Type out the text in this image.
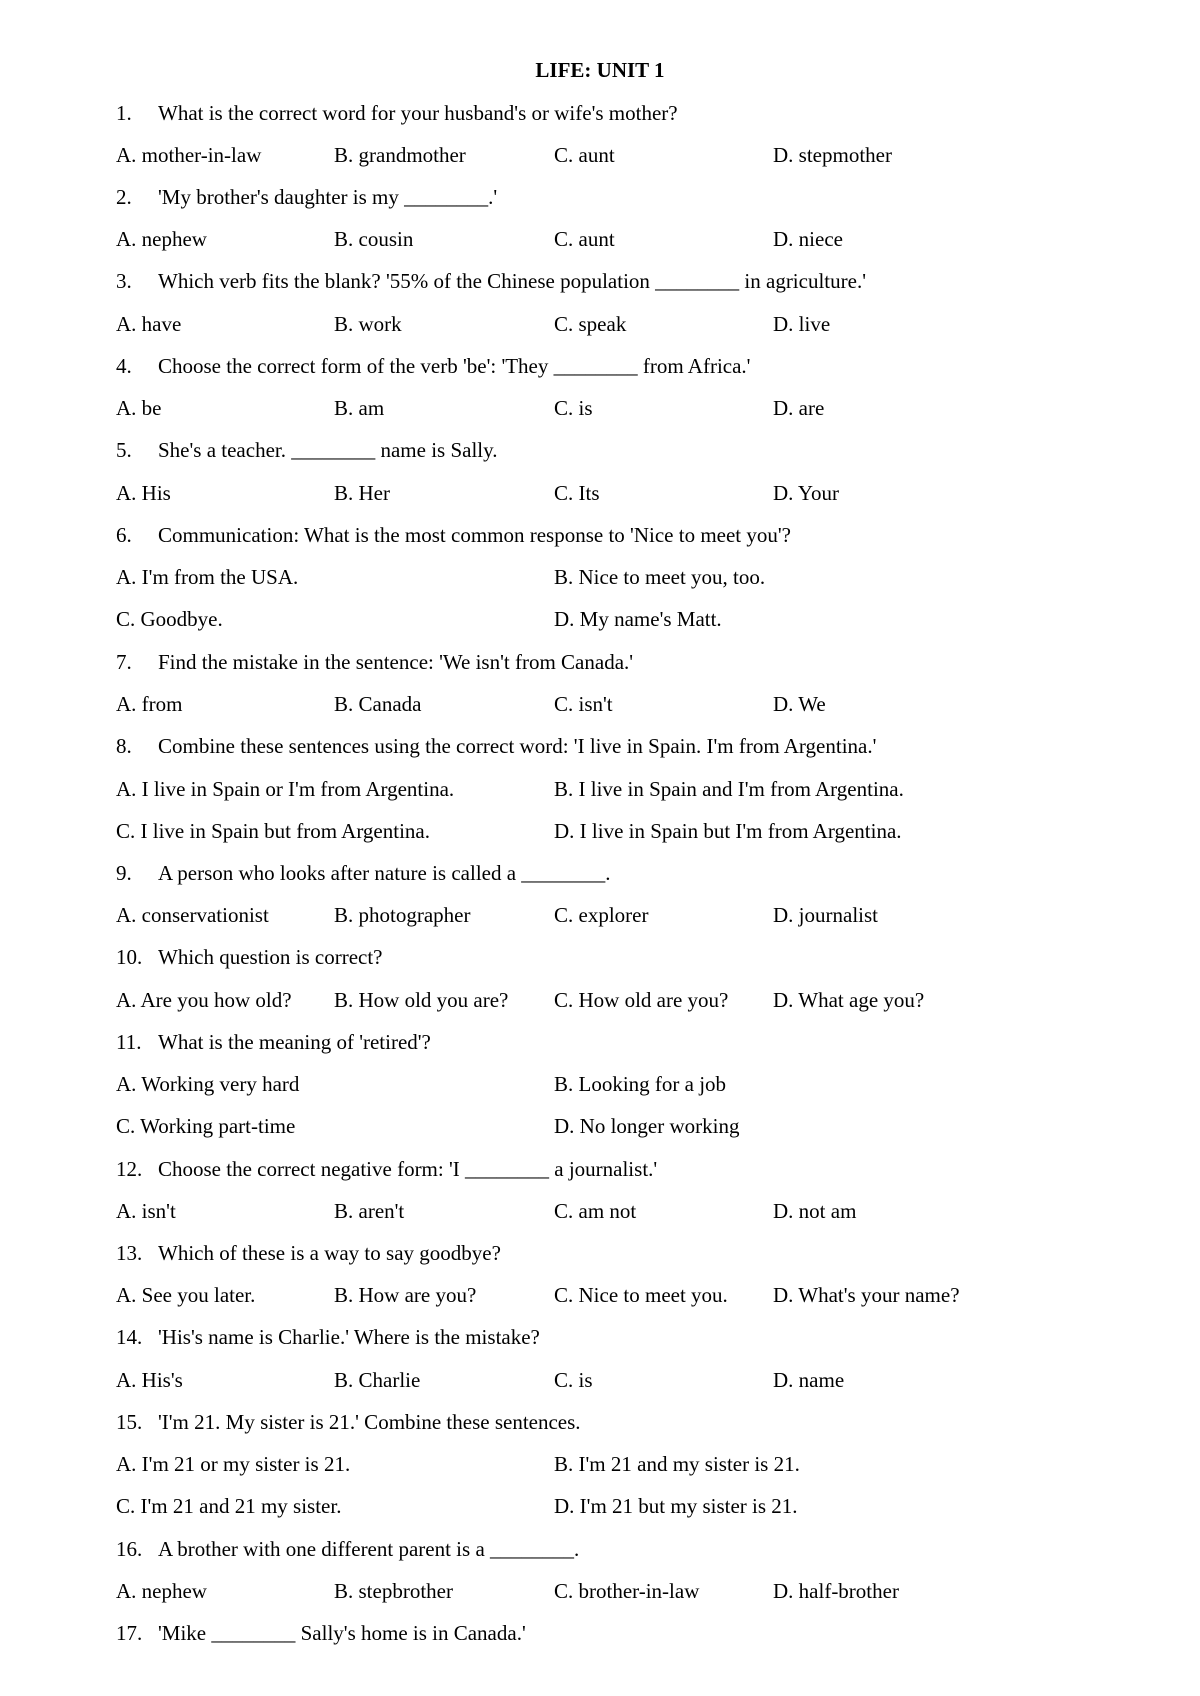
LIFE: UNIT 1
1. What is the correct word for your husband's or wife's mother?
A. mother-in-law	B. grandmother	C. aunt	D. stepmother
2. 'My brother's daughter is my ________.'
A. nephew	B. cousin	C. aunt	D. niece
3. Which verb fits the blank? '55% of the Chinese population ________ in agriculture.'
A. have	B. work	C. speak	D. live
4. Choose the correct form of the verb 'be': 'They ________ from Africa.'
A. be	B. am	C. is	D. are
5. She's a teacher. ________ name is Sally.
A. His	B. Her	C. Its	D. Your
6. Communication: What is the most common response to 'Nice to meet you'?
A. I'm from the USA.	B. Nice to meet you, too.
C. Goodbye.	D. My name's Matt.
7. Find the mistake in the sentence: 'We isn't from Canada.'
A. from	B. Canada	C. isn't	D. We
8. Combine these sentences using the correct word: 'I live in Spain. I'm from Argentina.'
A. I live in Spain or I'm from Argentina.	B. I live in Spain and I'm from Argentina.
C. I live in Spain but from Argentina.	D. I live in Spain but I'm from Argentina.
9. A person who looks after nature is called a ________.
A. conservationist	B. photographer	C. explorer	D. journalist
10. Which question is correct?
A. Are you how old? B. How old you are? C. How old are you? D. What age you?
11. What is the meaning of 'retired'?
A. Working very hard	B. Looking for a job
C. Working part-time	D. No longer working
12. Choose the correct negative form: 'I ________ a journalist.'
A. isn't	B. aren't	C. am not	D. not am
13. Which of these is a way to say goodbye?
A. See you later.	B. How are you?	C. Nice to meet you. D. What's your name?
14. 'His's name is Charlie.' Where is the mistake?
A. His's	B. Charlie	C. is	D. name
15. 'I'm 21. My sister is 21.' Combine these sentences.
A. I'm 21 or my sister is 21.	B. I'm 21 and my sister is 21.
C. I'm 21 and 21 my sister.	D. I'm 21 but my sister is 21.
16. A brother with one different parent is a ________.
A. nephew	B. stepbrother	C. brother-in-law	D. half-brother
17. 'Mike ________ Sally's home is in Canada.'
